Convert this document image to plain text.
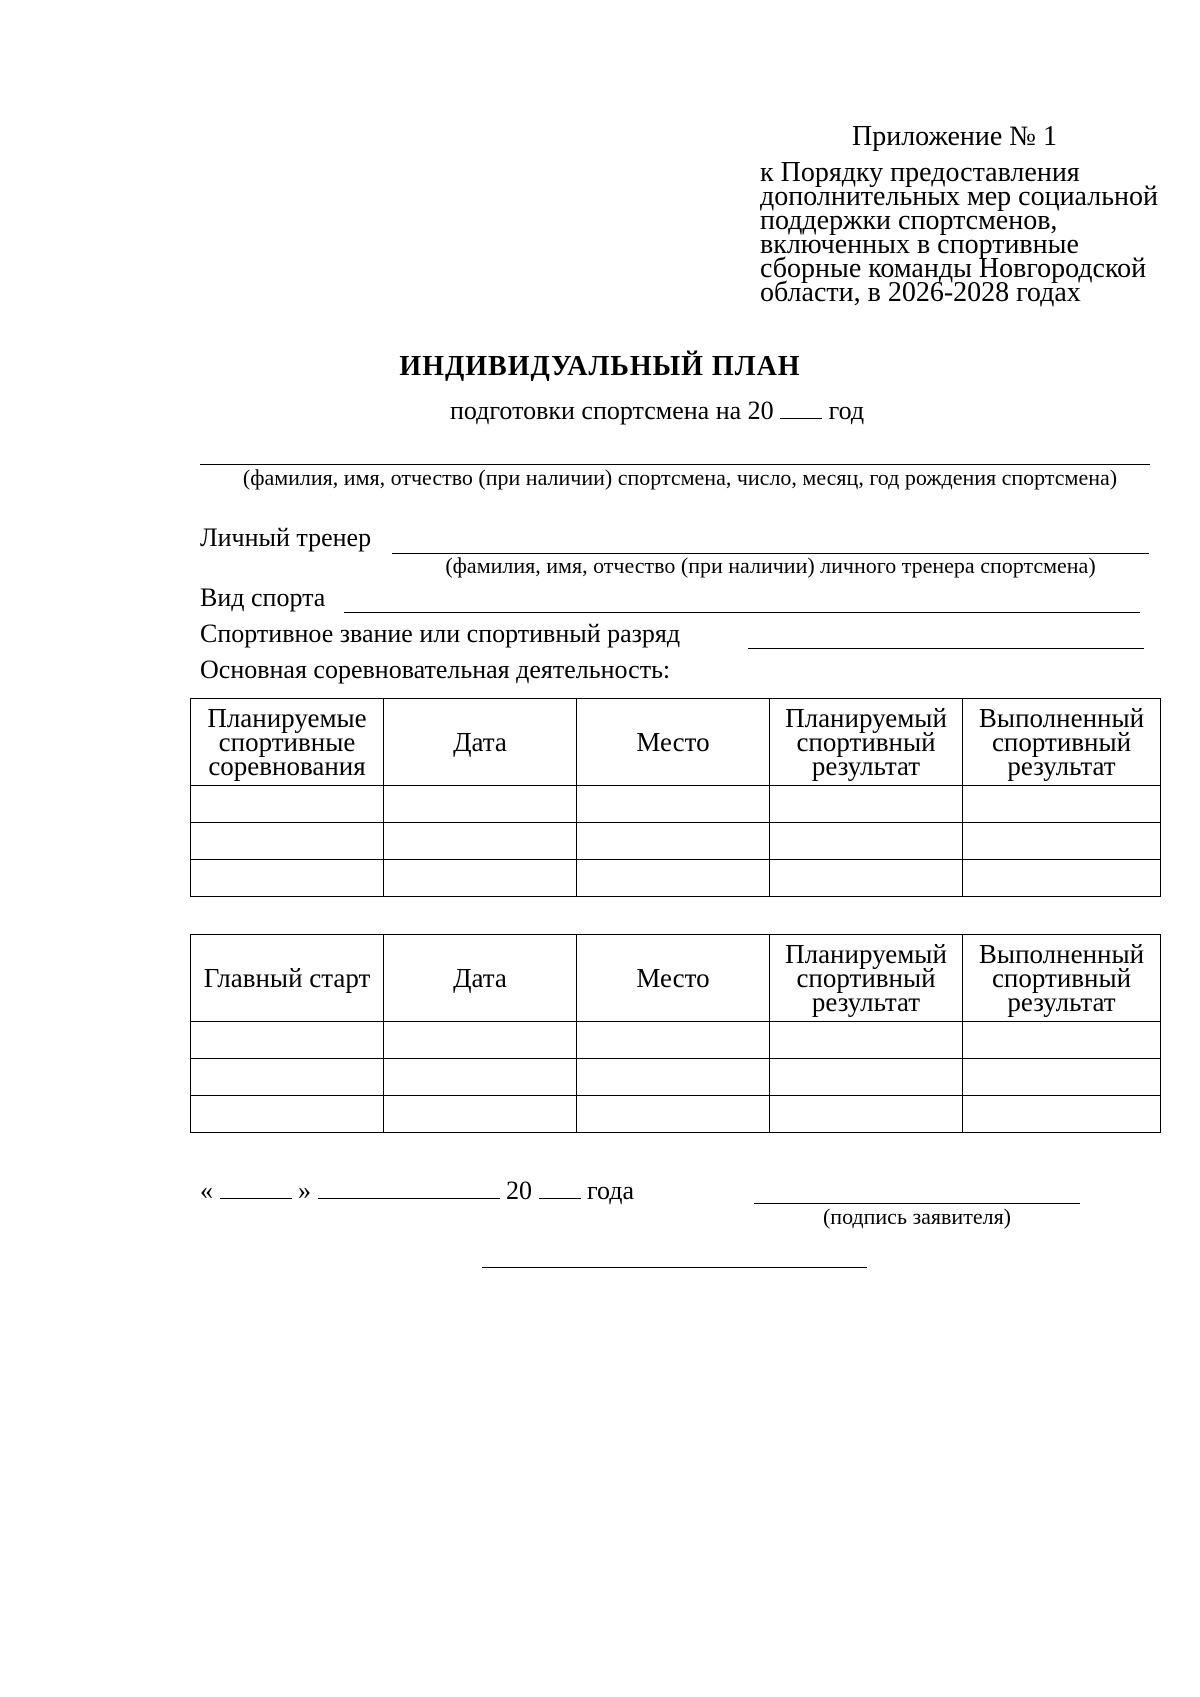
Приложение № 1
к Порядку предоставления
дополнительных мер социальной
поддержки спортсменов,
включенных в спортивные
сборные команды Новгородской
области, в 2026-2028 годах
ИНДИВИДУАЛЬНЫЙ ПЛАН
подготовки спортсмена на 20 год
(фамилия, имя, отчество (при наличии) спортсмена, число, месяц, год рождения спортсмена)
Личный тренер
(фамилия, имя, отчество (при наличии) личного тренера спортсмена)
Вид спорта
Спортивное звание или спортивный разряд
Основная соревновательная деятельность:
Планируемые спортивные соревнования	Дата	Место	Планируемый спортивный результат	Выполненный спортивный результат

Главный старт	Дата	Место	Планируемый спортивный результат	Выполненный спортивный результат

«	»	20 года
(подпись заявителя)
